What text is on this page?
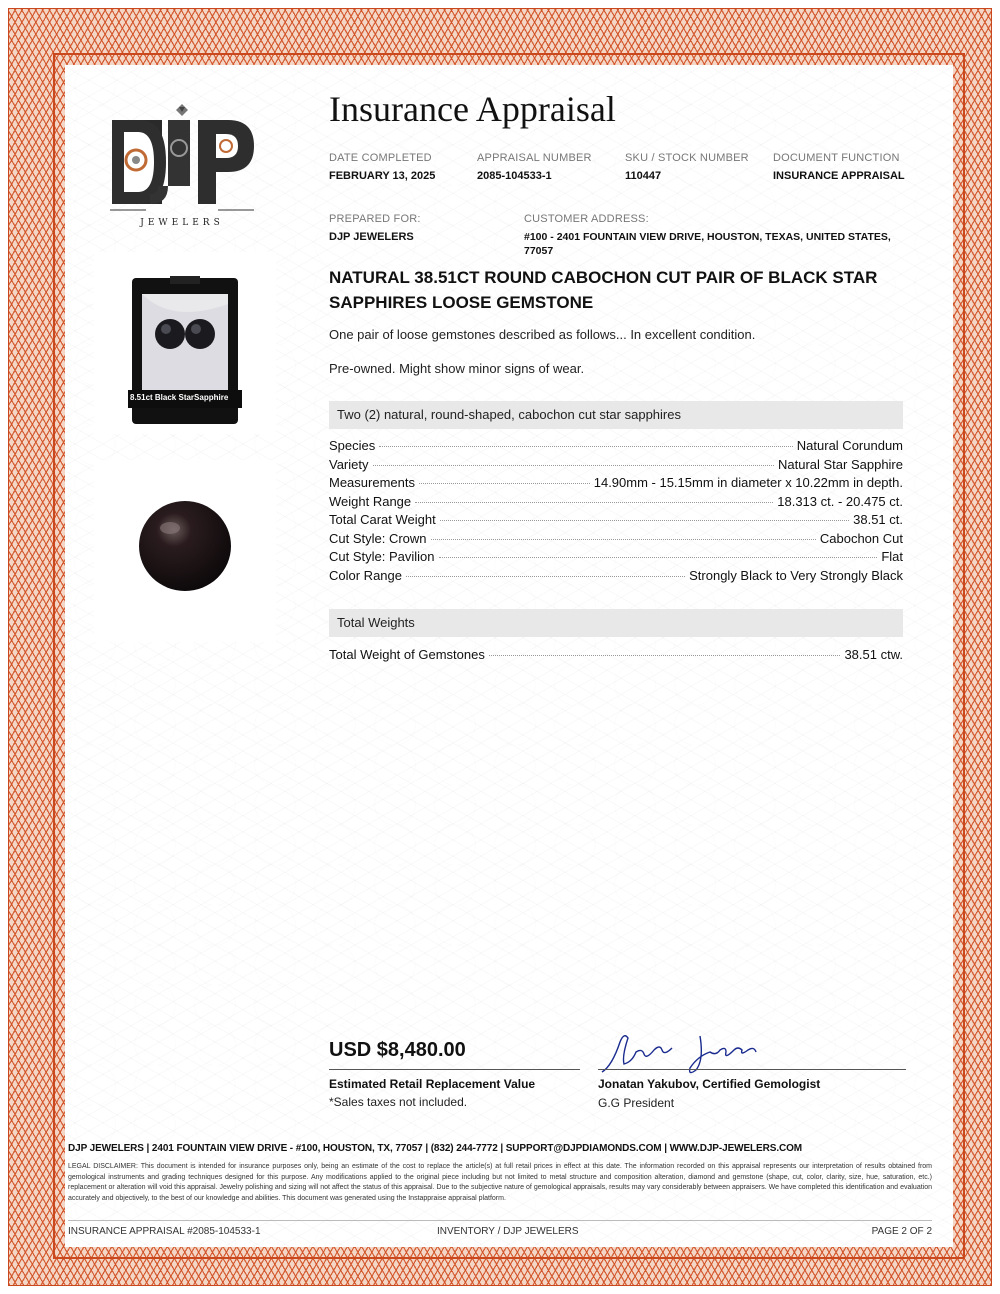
JEWELERS
Insurance Appraisal
DATE COMPLETED
FEBRUARY 13, 2025
APPRAISAL NUMBER
2085-104533-1
SKU / STOCK NUMBER
110447
DOCUMENT FUNCTION
INSURANCE APPRAISAL
PREPARED FOR:
DJP JEWELERS
CUSTOMER ADDRESS:
#100 - 2401 FOUNTAIN VIEW DRIVE, HOUSTON, TEXAS, UNITED STATES,
77057
8.51ct Black StarSapphire
NATURAL 38.51CT ROUND CABOCHON CUT PAIR OF BLACK STAR SAPPHIRES LOOSE GEMSTONE
One pair of loose gemstones described as follows... In excellent condition.
Pre-owned. Might show minor signs of wear.
Two (2) natural, round-shaped, cabochon cut star sapphires
Species	Natural Corundum
Variety	Natural Star Sapphire
Measurements	14.90mm - 15.15mm in diameter x 10.22mm in depth.
Weight Range	18.313 ct. - 20.475 ct.
Total Carat Weight	38.51 ct.
Cut Style: Crown	Cabochon Cut
Cut Style: Pavilion	Flat
Color Range	Strongly Black to Very Strongly Black
Total Weights
Total Weight of Gemstones	38.51 ctw.
USD $8,480.00
Estimated Retail Replacement Value
*Sales taxes not included.
Jonatan Yakubov, Certified Gemologist
G.G President
DJP JEWELERS | 2401 FOUNTAIN VIEW DRIVE - #100, HOUSTON, TX, 77057 | (832) 244-7772 | SUPPORT@DJPDIAMONDS.COM | WWW.DJP-JEWELERS.COM
LEGAL DISCLAIMER: This document is intended for insurance purposes only, being an estimate of the cost to replace the article(s) at full retail prices in effect at this date. The information recorded on this appraisal represents our interpretation of results obtained from gemological instruments and grading techniques designed for this purpose. Any modifications applied to the original piece including but not limited to metal structure and composition alteration, diamond and gemstone (shape, cut, color, clarity, size, hue, saturation, etc.) replacement or alteration will void this appraisal. Jewelry polishing and sizing will not affect the status of this appraisal. Due to the subjective nature of gemological appraisals, results may vary considerably between appraisers. We have completed this identification and evaluation accurately and objectively, to the best of our knowledge and abilities. This document was generated using the Instappraise appraisal platform.
INSURANCE APPRAISAL #2085-104533-1	INVENTORY / DJP JEWELERS	PAGE 2 OF 2
